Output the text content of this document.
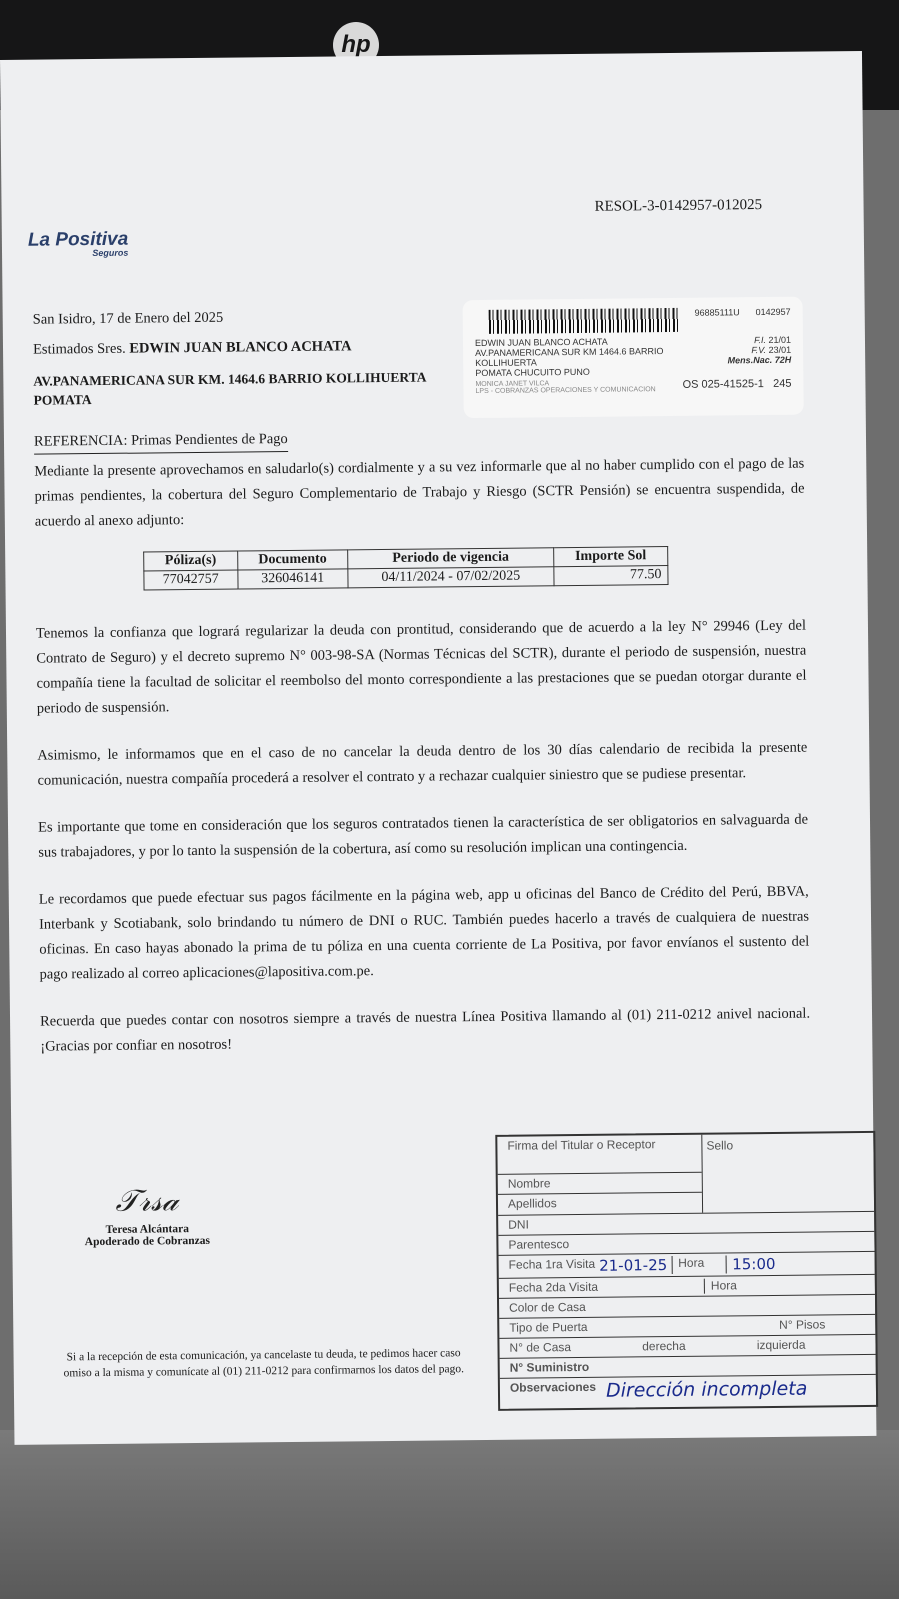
hp
La Positiva
Seguros
RESOL-3-0142957-012025
San Isidro, 17 de Enero del 2025
Estimados Sres. EDWIN JUAN BLANCO ACHATA
AV.PANAMERICANA SUR KM. 1464.6 BARRIO KOLLIHUERTA
POMATA
REFERENCIA: Primas Pendientes de Pago
96885111U 0142957
EDWIN JUAN BLANCO ACHATA
AV.PANAMERICANA SUR KM 1464.6 BARRIO KOLLIHUERTA
POMATA CHUCUITO PUNO
F.I. 21/01
F.V. 23/01
Mens.Nac. 72H
MONICA JANET VILCA
LPS - COBRANZAS OPERACIONES Y COMUNICACION OS 025-41525-1 245

Mediante la presente aprovechamos en saludarlo(s) cordialmente y a su vez informarle que al no haber cumplido con el pago de las primas pendientes, la cobertura del Seguro Complementario de Trabajo y Riesgo (SCTR Pensión) se encuentra suspendida, de acuerdo al anexo adjunto:

Póliza(s)	Documento	Periodo de vigencia	Importe Sol
77042757	326046141	04/11/2024 - 07/02/2025	77.50

Tenemos la confianza que logrará regularizar la deuda con prontitud, considerando que de acuerdo a la ley N° 29946 (Ley del Contrato de Seguro) y el decreto supremo N° 003-98-SA (Normas Técnicas del SCTR), durante el periodo de suspensión, nuestra compañía tiene la facultad de solicitar el reembolso del monto correspondiente a las prestaciones que se puedan otorgar durante el periodo de suspensión.

Asimismo, le informamos que en el caso de no cancelar la deuda dentro de los 30 días calendario de recibida la presente comunicación, nuestra compañía procederá a resolver el contrato y a rechazar cualquier siniestro que se pudiese presentar.

Es importante que tome en consideración que los seguros contratados tienen la característica de ser obligatorios en salvaguarda de sus trabajadores, y por lo tanto la suspensión de la cobertura, así como su resolución implican una contingencia.

Le recordamos que puede efectuar sus pagos fácilmente en la página web, app u oficinas del Banco de Crédito del Perú, BBVA, Interbank y Scotiabank, solo brindando tu número de DNI o RUC. También puedes hacerlo a través de cualquiera de nuestras oficinas. En caso hayas abonado la prima de tu póliza en una cuenta corriente de La Positiva, por favor envíanos el sustento del pago realizado al correo aplicaciones@lapositiva.com.pe.

Recuerda que puedes contar con nosotros siempre a través de nuestra Línea Positiva llamando al (01) 211-0212 anivel nacional. ¡Gracias por confiar en nosotros!

𝒯𝓇𝓈𝒶
Teresa Alcántara
Apoderado de Cobranzas
Si a la recepción de esta comunicación, ya cancelaste tu deuda, te pedimos hacer caso omiso a la misma y comunícate al (01) 211-0212 para confirmarnos los datos del pago.
Firma del Titular o Receptor
Nombre
Apellidos
Sello
DNI
Parentesco
Fecha 1ra Visita 21-01-25 Hora	15:00
Fecha 2da Visita	Hora
Color de Casa
Tipo de Puerta	N° Pisos
N° de Casa	derecha	izquierda
N° Suministro
Observaciones Dirección incompleta
